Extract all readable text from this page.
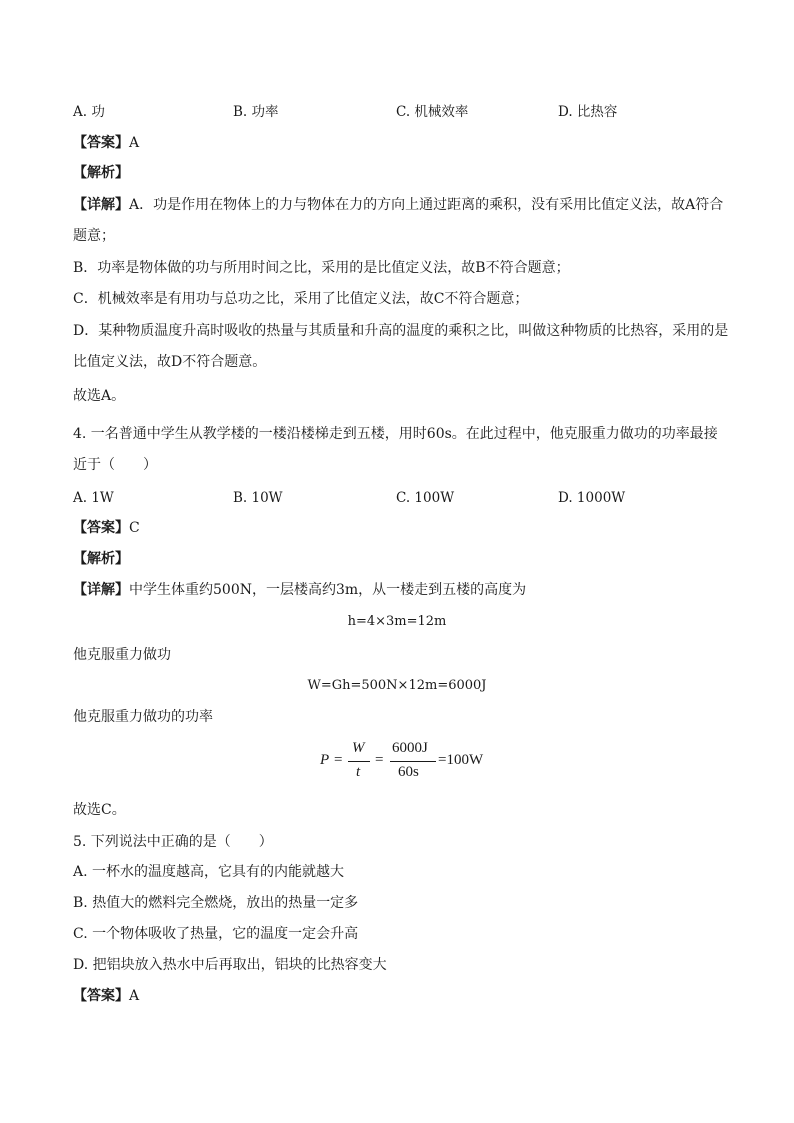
A. 功	B. 功率	C. 机械效率	D. 比热容
【答案】A
【解析】
【详解】A．功是作用在物体上的力与物体在力的方向上通过距离的乘积，没有采用比值定义法，故A符合
题意；
B．功率是物体做的功与所用时间之比，采用的是比值定义法，故B不符合题意；
C．机械效率是有用功与总功之比，采用了比值定义法，故C不符合题意；
D．某种物质温度升高时吸收的热量与其质量和升高的温度的乘积之比，叫做这种物质的比热容，采用的是
比值定义法，故D不符合题意。
故选A。
4. 一名普通中学生从教学楼的一楼沿楼梯走到五楼，用时60s。在此过程中，他克服重力做功的功率最接
近于（　　）
A. 1W	B. 10W	C. 100W	D. 1000W
【答案】C
【解析】
【详解】中学生体重约500N，一层楼高约3m，从一楼走到五楼的高度为
h=4×3m=12m
他克服重力做功
W=Gh=500N×12m=6000J
他克服重力做功的功率
P =
W
t
=
6000J
60s
=100W
故选C。
5. 下列说法中正确的是（　　）
A. 一杯水的温度越高，它具有的内能就越大
B. 热值大的燃料完全燃烧，放出的热量一定多
C. 一个物体吸收了热量，它的温度一定会升高
D. 把铝块放入热水中后再取出，铝块的比热容变大
【答案】A
